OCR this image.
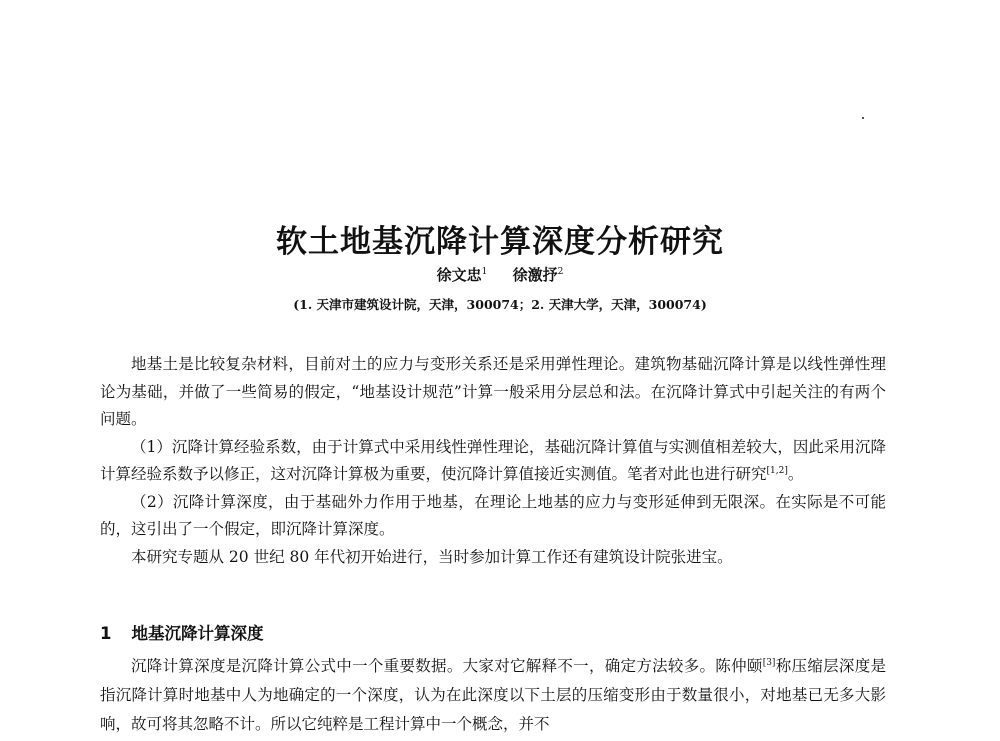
软土地基沉降计算深度分析研究
徐文忠$^1$ 徐激抒$^2$
(1. 天津市建筑设计院，天津，300074；2. 天津大学，天津，300074)

地基土是比较复杂材料，目前对土的应力与变形关系还是采用弹性理论。建筑物基础沉降计算是以线性弹性理论为基础，并做了一些简易的假定，“地基设计规范”计算一般采用分层总和法。在沉降计算式中引起关注的有两个问题。

（1）沉降计算经验系数，由于计算式中采用线性弹性理论，基础沉降计算值与实测值相差较大，因此采用沉降计算经验系数予以修正，这对沉降计算极为重要，使沉降计算值接近实测值。笔者对此也进行研究[1,2]。

（2）沉降计算深度，由于基础外力作用于地基，在理论上地基的应力与变形延伸到无限深。在实际是不可能的，这引出了一个假定，即沉降计算深度。

本研究专题从 20 世纪 80 年代初开始进行，当时参加计算工作还有建筑设计院张进宝。

1 地基沉降计算深度

沉降计算深度是沉降计算公式中一个重要数据。大家对它解释不一，确定方法较多。陈仲颐[3]称压缩层深度是指沉降计算时地基中人为地确定的一个深度，认为在此深度以下土层的压缩变形由于数量很小，对地基已无多大影响，故可将其忽略不计。所以它纯粹是工程计算中一个概念，并不
